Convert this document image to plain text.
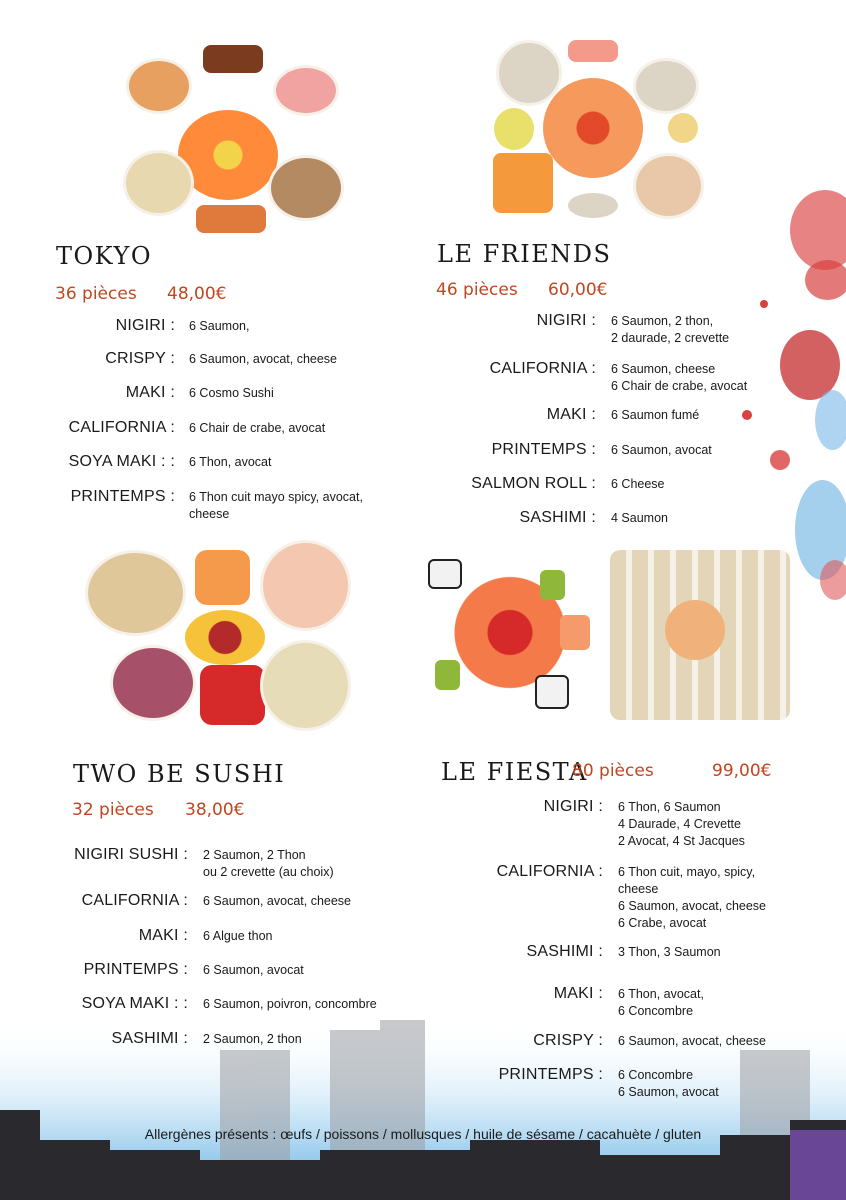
TOKYO
36 pièces 48,00€
NIGIRI : 6 Saumon,
CRISPY : 6 Saumon, avocat, cheese
MAKI : 6 Cosmo Sushi
CALIFORNIA : 6 Chair de crabe, avocat
SOYA MAKI : : 6 Thon, avocat
PRINTEMPS : 6 Thon cuit mayo spicy, avocat,
cheese
LE FRIENDS
46 pièces 60,00€
NIGIRI : 6 Saumon, 2 thon,
2 daurade, 2 crevette
CALIFORNIA : 6 Saumon, cheese
6 Chair de crabe, avocat
MAKI : 6 Saumon fumé
PRINTEMPS : 6 Saumon, avocat
SALMON ROLL : 6 Cheese
SASHIMI : 4 Saumon
TWO BE SUSHI
32 pièces 38,00€
NIGIRI SUSHI : 2 Saumon, 2 Thon
ou 2 crevette (au choix)
CALIFORNIA : 6 Saumon, avocat, cheese
MAKI : 6 Algue thon
PRINTEMPS : 6 Saumon, avocat
SOYA MAKI : : 6 Saumon, poivron, concombre
SASHIMI : 2 Saumon, 2 thon
LE FIESTA
80 pièces	99,00€
NIGIRI : 6 Thon, 6 Saumon
4 Daurade, 4 Crevette
2 Avocat, 4 St Jacques
CALIFORNIA : 6 Thon cuit, mayo, spicy,
cheese
6 Saumon, avocat, cheese
6 Crabe, avocat
SASHIMI : 3 Thon, 3 Saumon
MAKI : 6 Thon, avocat,
6 Concombre
CRISPY : 6 Saumon, avocat, cheese
PRINTEMPS : 6 Concombre
6 Saumon, avocat
Allergènes présents : œufs / poissons / mollusques / huile de sésame / cacahuète / gluten
